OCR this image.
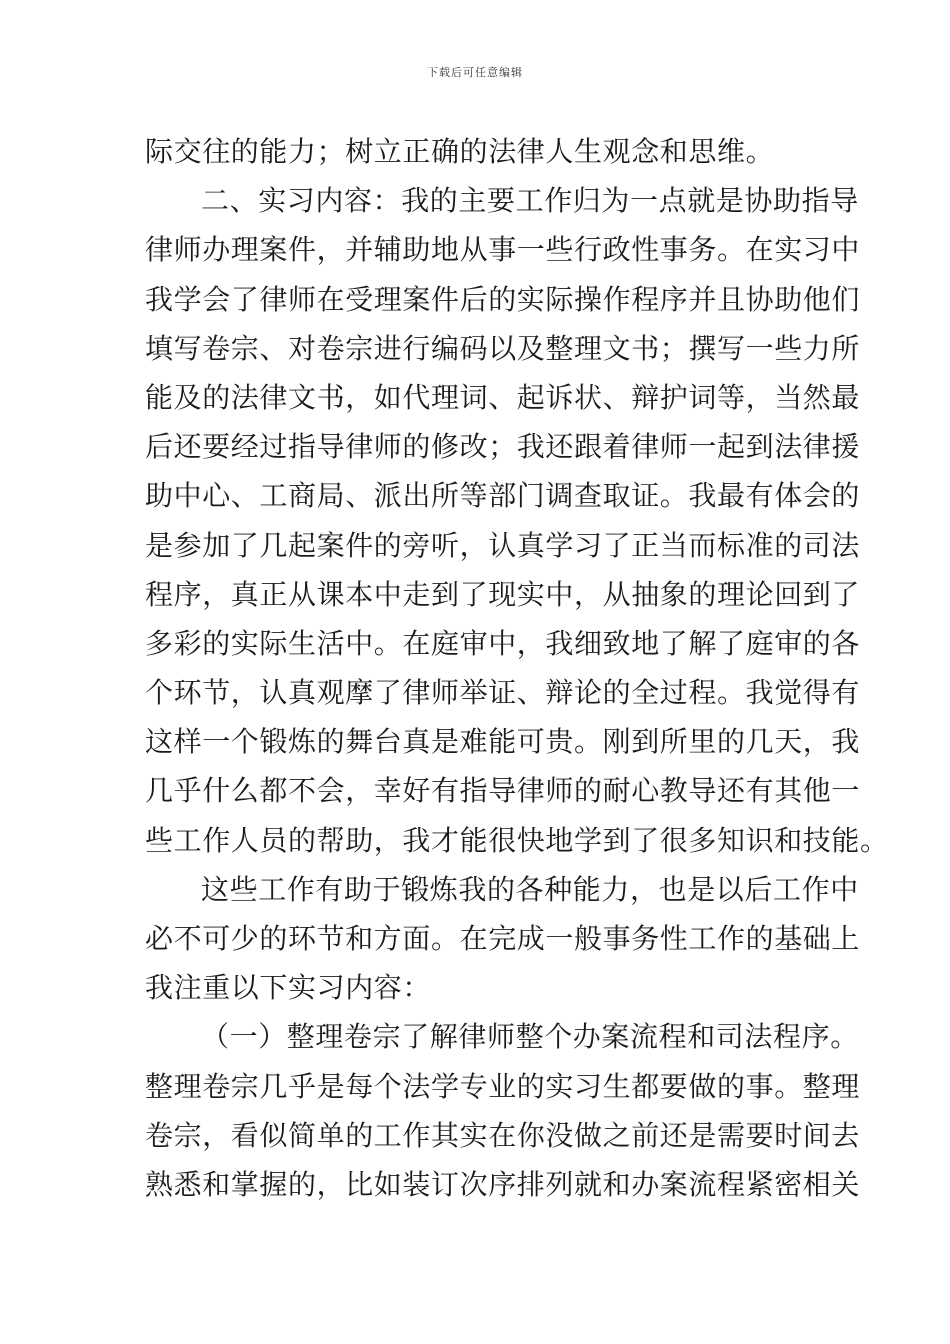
下载后可任意编辑
际交往的能力；树立正确的法律人生观念和思维。
二、实习内容：我的主要工作归为一点就是协助指导
律师办理案件，并辅助地从事一些行政性事务。在实习中
我学会了律师在受理案件后的实际操作程序并且协助他们
填写卷宗、对卷宗进行编码以及整理文书；撰写一些力所
能及的法律文书，如代理词、起诉状、辩护词等，当然最
后还要经过指导律师的修改；我还跟着律师一起到法律援
助中心、工商局、派出所等部门调查取证。我最有体会的
是参加了几起案件的旁听，认真学习了正当而标准的司法
程序，真正从课本中走到了现实中，从抽象的理论回到了
多彩的实际生活中。在庭审中，我细致地了解了庭审的各
个环节，认真观摩了律师举证、辩论的全过程。我觉得有
这样一个锻炼的舞台真是难能可贵。刚到所里的几天，我
几乎什么都不会，幸好有指导律师的耐心教导还有其他一
些工作人员的帮助，我才能很快地学到了很多知识和技能。
这些工作有助于锻炼我的各种能力，也是以后工作中
必不可少的环节和方面。在完成一般事务性工作的基础上
我注重以下实习内容：
（一）整理卷宗了解律师整个办案流程和司法程序。
整理卷宗几乎是每个法学专业的实习生都要做的事。整理
卷宗，看似简单的工作其实在你没做之前还是需要时间去
熟悉和掌握的，比如装订次序排列就和办案流程紧密相关
